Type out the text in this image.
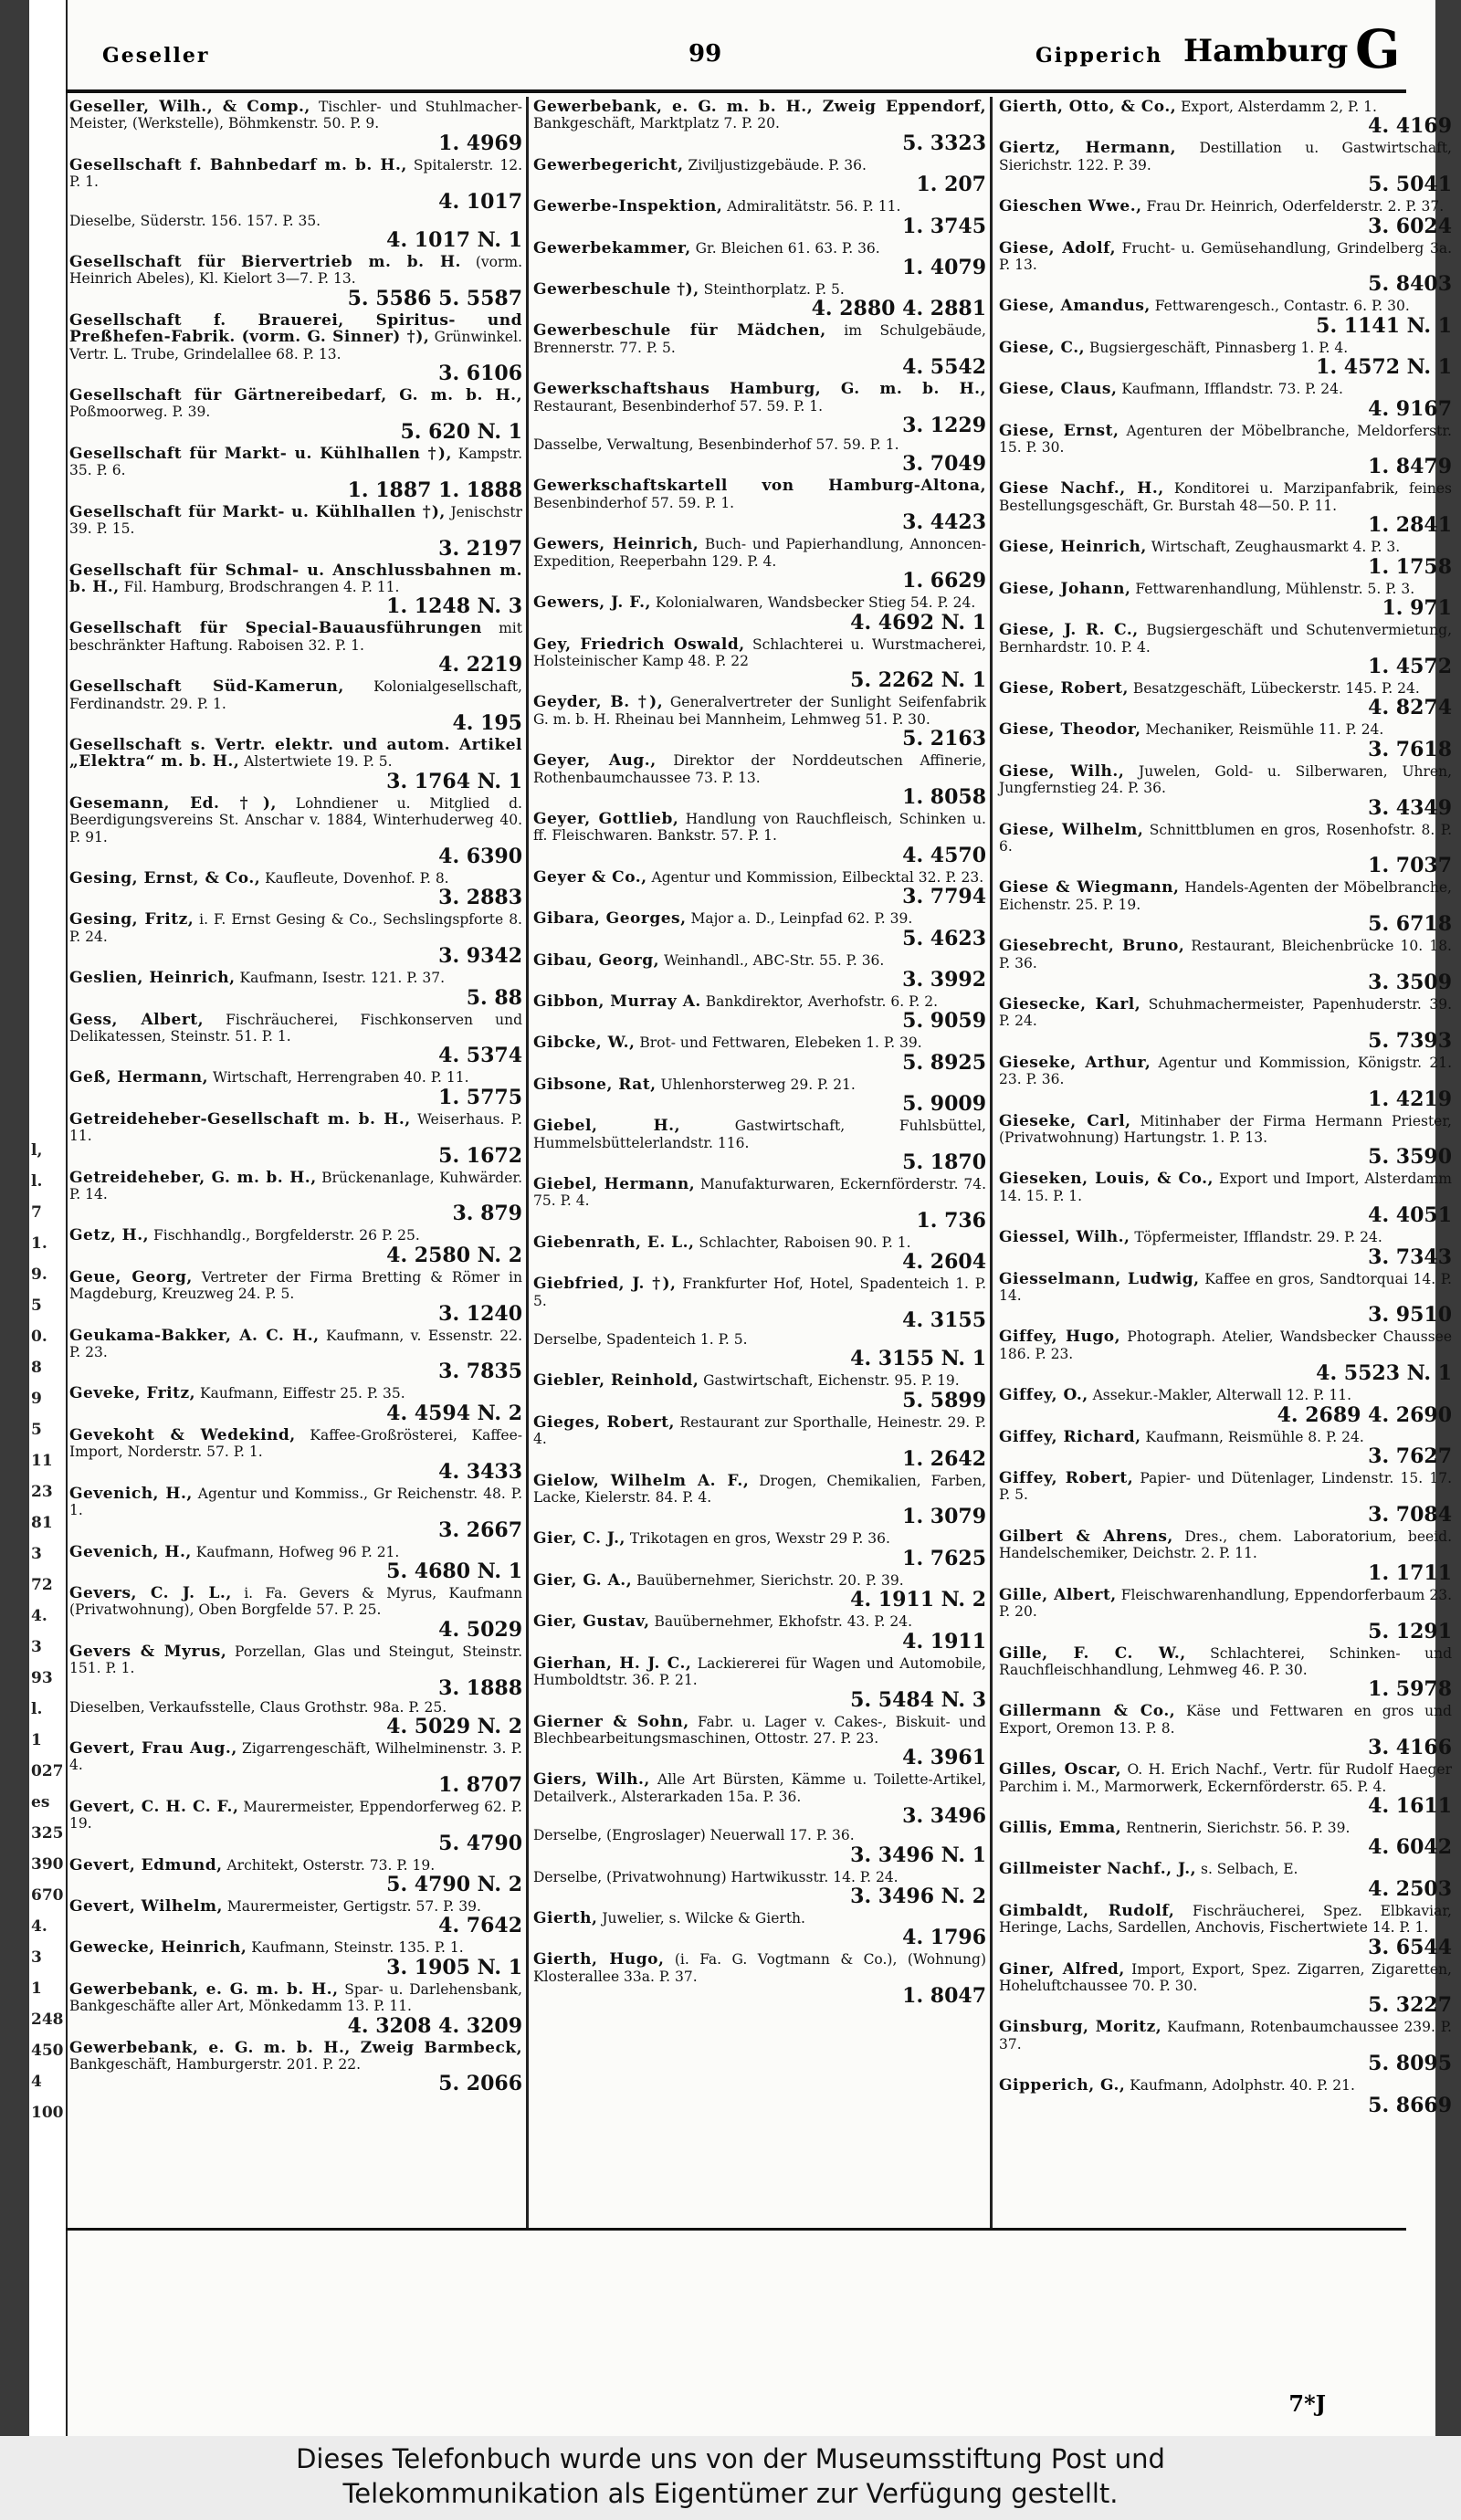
l,
l.
7
1.
9.
5
0.
8
9
5
11
23
81
3
72
4.
3
93
l.
1
027
es
325
390
670
4.
3
1
248
450
4
100
Geseller	99	Gipperich Hamburg G
Geseller, Wilh., & Comp., Tischler- und Stuhlmacher-Meister, (Werkstelle), Böhmkenstr. 50. P. 9.
1. 4969
Gesellschaft f. Bahnbedarf m. b. H., Spitalerstr. 12. P. 1.
4. 1017
Dieselbe, Süderstr. 156. 157. P. 35.
4. 1017 N. 1
Gesellschaft für Biervertrieb m. b. H. (vorm. Heinrich Abeles), Kl. Kielort 3—7. P. 13.
5. 5586 5. 5587
Gesellschaft f. Brauerei, Spiritus- und Preßhefen-Fabrik. (vorm. G. Sinner) †), Grünwinkel. Vertr. L. Trube, Grindelallee 68. P. 13.
3. 6106
Gesellschaft für Gärtnereibedarf, G. m. b. H., Poßmoorweg. P. 39.
5. 620 N. 1
Gesellschaft für Markt- u. Kühlhallen †), Kampstr. 35. P. 6.
1. 1887 1. 1888
Gesellschaft für Markt- u. Kühlhallen †), Jenischstr 39. P. 15.
3. 2197
Gesellschaft für Schmal- u. Anschlussbahnen m. b. H., Fil. Hamburg, Brodschrangen 4. P. 11.
1. 1248 N. 3
Gesellschaft für Special-Bauausführungen mit beschränkter Haftung. Raboisen 32. P. 1.
4. 2219
Gesellschaft Süd-Kamerun, Kolonialgesellschaft, Ferdinandstr. 29. P. 1.
4. 195
Gesellschaft s. Vertr. elektr. und autom. Artikel „Elektra“ m. b. H., Alstertwiete 19. P. 5.
3. 1764 N. 1
Gesemann, Ed. †), Lohndiener u. Mitglied d. Beerdigungsvereins St. Anschar v. 1884, Winterhuderweg 40. P. 91.
4. 6390
Gesing, Ernst, & Co., Kaufleute, Dovenhof. P. 8.
3. 2883
Gesing, Fritz, i. F. Ernst Gesing & Co., Sechslingspforte 8. P. 24.
3. 9342
Geslien, Heinrich, Kaufmann, Isestr. 121. P. 37.
5. 88
Gess, Albert, Fischräucherei, Fischkonserven und Delikatessen, Steinstr. 51. P. 1.
4. 5374
Geß, Hermann, Wirtschaft, Herrengraben 40. P. 11.
1. 5775
Getreideheber-Gesellschaft m. b. H., Weiserhaus. P. 11.
5. 1672
Getreideheber, G. m. b. H., Brückenanlage, Kuhwärder. P. 14.
3. 879
Getz, H., Fischhandlg., Borgfelderstr. 26 P. 25.
4. 2580 N. 2
Geue, Georg, Vertreter der Firma Bretting & Römer in Magdeburg, Kreuzweg 24. P. 5.
3. 1240
Geukama-Bakker, A. C. H., Kaufmann, v. Essenstr. 22. P. 23.
3. 7835
Geveke, Fritz, Kaufmann, Eiffestr 25. P. 35.
4. 4594 N. 2
Gevekoht & Wedekind, Kaffee-Großrösterei, Kaffee-Import, Norderstr. 57. P. 1.
4. 3433
Gevenich, H., Agentur und Kommiss., Gr Reichenstr. 48. P. 1.
3. 2667
Gevenich, H., Kaufmann, Hofweg 96 P. 21.
5. 4680 N. 1
Gevers, C. J. L., i. Fa. Gevers & Myrus, Kaufmann (Privatwohnung), Oben Borgfelde 57. P. 25.
4. 5029
Gevers & Myrus, Porzellan, Glas und Steingut, Steinstr. 151. P. 1.
3. 1888
Dieselben, Verkaufsstelle, Claus Grothstr. 98a. P. 25.
4. 5029 N. 2
Gevert, Frau Aug., Zigarrengeschäft, Wilhelminenstr. 3. P. 4.
1. 8707
Gevert, C. H. C. F., Maurermeister, Eppendorferweg 62. P. 19.
5. 4790
Gevert, Edmund, Architekt, Osterstr. 73. P. 19.
5. 4790 N. 2
Gevert, Wilhelm, Maurermeister, Gertigstr. 57. P. 39.
4. 7642
Gewecke, Heinrich, Kaufmann, Steinstr. 135. P. 1.
3. 1905 N. 1
Gewerbebank, e. G. m. b. H., Spar- u. Darlehensbank, Bankgeschäfte aller Art, Mönkedamm 13. P. 11.
4. 3208 4. 3209
Gewerbebank, e. G. m. b. H., Zweig Barmbeck, Bankgeschäft, Hamburgerstr. 201. P. 22.
5. 2066
Gewerbebank, e. G. m. b. H., Zweig Eppendorf, Bankgeschäft, Marktplatz 7. P. 20.
5. 3323
Gewerbegericht, Ziviljustizgebäude. P. 36.
1. 207
Gewerbe-Inspektion, Admiralitätstr. 56. P. 11.
1. 3745
Gewerbekammer, Gr. Bleichen 61. 63. P. 36.
1. 4079
Gewerbeschule †), Steinthorplatz. P. 5.
4. 2880 4. 2881
Gewerbeschule für Mädchen, im Schulgebäude, Brennerstr. 77. P. 5.
4. 5542
Gewerkschaftshaus Hamburg, G. m. b. H., Restaurant, Besenbinderhof 57. 59. P. 1.
3. 1229
Dasselbe, Verwaltung, Besenbinderhof 57. 59. P. 1.
3. 7049
Gewerkschaftskartell von Hamburg-Altona, Besenbinderhof 57. 59. P. 1.
3. 4423
Gewers, Heinrich, Buch- und Papierhandlung, Annoncen-Expedition, Reeperbahn 129. P. 4.
1. 6629
Gewers, J. F., Kolonialwaren, Wandsbecker Stieg 54. P. 24.
4. 4692 N. 1
Gey, Friedrich Oswald, Schlachterei u. Wurstmacherei, Holsteinischer Kamp 48. P. 22
5. 2262 N. 1
Geyder, B. †), Generalvertreter der Sunlight Seifenfabrik G. m. b. H. Rheinau bei Mannheim, Lehmweg 51. P. 30.
5. 2163
Geyer, Aug., Direktor der Norddeutschen Affinerie, Rothenbaumchaussee 73. P. 13.
1. 8058
Geyer, Gottlieb, Handlung von Rauchfleisch, Schinken u. ff. Fleischwaren. Bankstr. 57. P. 1.
4. 4570
Geyer & Co., Agentur und Kommission, Eilbecktal 32. P. 23.
3. 7794
Gibara, Georges, Major a. D., Leinpfad 62. P. 39.
5. 4623
Gibau, Georg, Weinhandl., ABC-Str. 55. P. 36.
3. 3992
Gibbon, Murray A. Bankdirektor, Averhofstr. 6. P. 2.
5. 9059
Gibcke, W., Brot- und Fettwaren, Elebeken 1. P. 39.
5. 8925
Gibsone, Rat, Uhlenhorsterweg 29. P. 21.
5. 9009
Giebel, H.,	Gastwirtschaft, Fuhlsbüttel, Hummelsbüttelerlandstr. 116.
5. 1870
Giebel, Hermann, Manufakturwaren, Eckernförderstr. 74. 75. P. 4.
1. 736
Giebenrath, E. L., Schlachter, Raboisen 90. P. 1.
4. 2604
Giebfried, J. †), Frankfurter Hof, Hotel, Spadenteich 1. P. 5.
4. 3155
Derselbe, Spadenteich 1. P. 5.
4. 3155 N. 1
Giebler, Reinhold, Gastwirtschaft, Eichenstr. 95. P. 19.
5. 5899
Gieges, Robert, Restaurant zur Sporthalle, Heinestr. 29. P. 4.
1. 2642
Gielow, Wilhelm A. F., Drogen, Chemikalien, Farben, Lacke, Kielerstr. 84. P. 4.
1. 3079
Gier, C. J., Trikotagen en gros, Wexstr 29 P. 36.
1. 7625
Gier, G. A., Bauübernehmer, Sierichstr. 20. P. 39.
4. 1911 N. 2
Gier, Gustav, Bauübernehmer, Ekhofstr. 43. P. 24.
4. 1911
Gierhan, H. J. C., Lackiererei für Wagen und Automobile, Humboldtstr. 36. P. 21.
5. 5484 N. 3
Gierner & Sohn, Fabr. u. Lager v. Cakes-, Biskuit- und Blechbearbeitungsmaschinen, Ottostr. 27. P. 23.
4. 3961
Giers, Wilh., Alle Art Bürsten, Kämme u. Toilette-Artikel, Detailverk., Alsterarkaden 15a. P. 36.
3. 3496
Derselbe, (Engroslager) Neuerwall 17. P. 36.
3. 3496 N. 1
Derselbe, (Privatwohnung) Hartwikusstr. 14. P. 24.
3. 3496 N. 2
Gierth, Juwelier, s. Wilcke & Gierth.
4. 1796
Gierth, Hugo, (i. Fa. G. Vogtmann & Co.), (Wohnung) Klosterallee 33a. P. 37.
1. 8047
Gierth, Otto, & Co., Export, Alsterdamm 2, P. 1.
4. 4169
Giertz, Hermann, Destillation u. Gastwirtschaft, Sierichstr. 122. P. 39.
5. 5041
Gieschen Wwe., Frau Dr. Heinrich, Oderfelderstr. 2. P. 37.
3. 6024
Giese, Adolf, Frucht- u. Gemüsehandlung, Grindelberg 3a. P. 13.
5. 8403
Giese, Amandus, Fettwarengesch., Contastr. 6. P. 30.
5. 1141 N. 1
Giese, C., Bugsiergeschäft, Pinnasberg 1. P. 4.
1. 4572 N. 1
Giese, Claus, Kaufmann, Ifflandstr. 73. P. 24.
4. 9167
Giese, Ernst, Agenturen der Möbelbranche, Meldorferstr. 15. P. 30.
1. 8479
Giese Nachf., H., Konditorei u. Marzipanfabrik, feines Bestellungsgeschäft, Gr. Burstah 48—50. P. 11.
1. 2841
Giese, Heinrich, Wirtschaft, Zeughausmarkt 4. P. 3.
1. 1758
Giese, Johann, Fettwarenhandlung, Mühlenstr. 5. P. 3.
1. 971
Giese, J. R. C., Bugsiergeschäft und Schutenvermietung, Bernhardstr. 10. P. 4.
1. 4572
Giese, Robert, Besatzgeschäft, Lübeckerstr. 145. P. 24.
4. 8274
Giese, Theodor, Mechaniker, Reismühle 11. P. 24.
3. 7618
Giese, Wilh., Juwelen, Gold- u. Silberwaren, Uhren, Jungfernstieg 24. P. 36.
3. 4349
Giese, Wilhelm, Schnittblumen en gros, Rosenhofstr. 8. P. 6.
1. 7037
Giese & Wiegmann, Handels-Agenten der Möbelbranche, Eichenstr. 25. P. 19.
5. 6718
Giesebrecht, Bruno, Restaurant, Bleichenbrücke 10. 18. P. 36.
3. 3509
Giesecke, Karl, Schuhmachermeister, Papenhuderstr. 39. P. 24.
5. 7393
Gieseke, Arthur, Agentur und Kommission, Königstr. 21. 23. P. 36.
1. 4219
Gieseke, Carl, Mitinhaber der Firma Hermann Priester, (Privatwohnung) Hartungstr. 1. P. 13.
5. 3590
Gieseken, Louis, & Co., Export und Import, Alsterdamm 14. 15. P. 1.
4. 4051
Giessel, Wilh., Töpfermeister, Ifflandstr. 29. P. 24.
3. 7343
Giesselmann, Ludwig, Kaffee en gros, Sandtorquai 14. P. 14.
3. 9510
Giffey, Hugo, Photograph. Atelier, Wandsbecker Chaussee 186. P. 23.
4. 5523 N. 1
Giffey, O., Assekur.-Makler, Alterwall 12. P. 11.
4. 2689 4. 2690
Giffey, Richard, Kaufmann, Reismühle 8. P. 24.
3. 7627
Giffey, Robert, Papier- und Dütenlager, Lindenstr. 15. 17. P. 5.
3. 7084
Gilbert & Ahrens, Dres., chem. Laboratorium, beeid. Handelschemiker, Deichstr. 2. P. 11.
1. 1711
Gille, Albert, Fleischwarenhandlung, Eppendorferbaum 23. P. 20.
5. 1291
Gille, F. C. W., Schlachterei, Schinken- und Rauchfleischhandlung, Lehmweg 46. P. 30.
1. 5978
Gillermann & Co., Käse und Fettwaren en gros und Export, Oremon 13. P. 8.
3. 4166
Gilles, Oscar, O. H. Erich Nachf., Vertr. für Rudolf Haeger Parchim i. M., Marmorwerk, Eckernförderstr. 65. P. 4.
4. 1611
Gillis, Emma, Rentnerin, Sierichstr. 56. P. 39.
4. 6042
Gillmeister Nachf., J., s. Selbach, E.
4. 2503
Gimbaldt, Rudolf, Fischräucherei, Spez. Elbkaviar, Heringe, Lachs, Sardellen, Anchovis, Fischertwiete 14. P. 1.
3. 6544
Giner, Alfred, Import, Export, Spez. Zigarren, Zigaretten, Hoheluftchaussee 70. P. 30.
5. 3227
Ginsburg, Moritz, Kaufmann, Rotenbaumchaussee 239. P. 37.
5. 8095
Gipperich, G., Kaufmann, Adolphstr. 40. P. 21.
5. 8669
7*J
Dieses Telefonbuch wurde uns von der Museumsstiftung Post und
Telekommunikation als Eigentümer zur Verfügung gestellt.
